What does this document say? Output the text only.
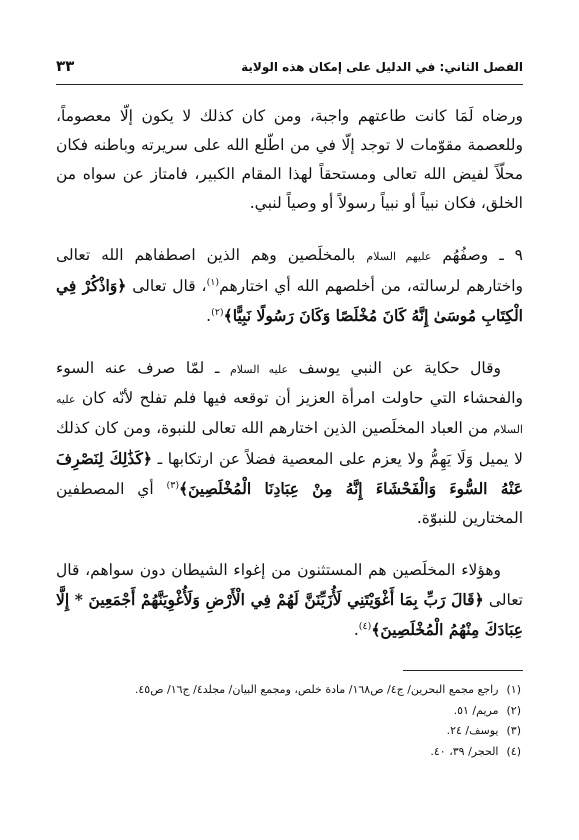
الفصل الثاني: في الدليل على إمكان هذه الولاية
٣٣

ورضاه لَمَا كانت طاعتهم واجبة، ومن كان كذلك لا يكون إلّا معصوماً، وللعصمة مقوّمات لا توجد إلّا في من اطّلع الله على سريرته وباطنه فكان محلّاً لفيض الله تعالى ومستحقاً لهذا المقام الكبير، فامتاز عن سواه من الخلق، فكان نبياً أو نبياً رسولاً أو وصياً لنبي.

٩ ـ وصفُهُم عليهم السلام بالمخلَصين وهم الذين اصطفاهم الله تعالى واختارهم لرسالته، من أخلصهم الله أي اختارهم$^{(١)}$، قال تعالى ﴿وَاذْكُرْ فِي الْكِتَابِ مُوسَىٰ إِنَّهُ كَانَ مُخْلَصًا وَكَانَ رَسُولًا نَبِيًّا﴾$^{(٢)}$.

وقال حكاية عن النبي يوسف عليه السلام ـ لمّا صرف عنه السوء والفحشاء التي حاولت امرأة العزيز أن توقعه فيها فلم تفلح لأنّه كان عليه السلام من العباد المخلَصين الذين اختارهم الله تعالى للنبوة، ومن كان كذلك لا يميل وَلَا يَهِمُّ ولا يعزم على المعصية فضلاً عن ارتكابها ـ ﴿كَذَٰلِكَ لِنَصْرِفَ عَنْهُ السُّوءَ وَالْفَحْشَاءَ إِنَّهُ مِنْ عِبَادِنَا الْمُخْلَصِينَ﴾$^{(٣)}$ أي المصطفين المختارين للنبوّة.

وهؤلاء المخلَصين هم المستثنون من إغواء الشيطان دون سواهم، قال تعالى ﴿قَالَ رَبِّ بِمَا أَغْوَيْتَنِي لَأُزَيِّنَنَّ لَهُمْ فِي الْأَرْضِ وَلَأُغْوِيَنَّهُمْ أَجْمَعِينَ * إِلَّا عِبَادَكَ مِنْهُمُ الْمُخْلَصِينَ﴾$^{(٤)}$.

(١)
راجع مجمع البحرين/ ج٤/ ص١٦٨/ مادة خلص، ومجمع البيان/ مجلد٤/ ج١٦/ ص٤٥.
(٢)
مريم/ ٥١.
(٣)
يوسف/ ٢٤.
(٤)
الحجر/ ٣٩، ٤٠.
